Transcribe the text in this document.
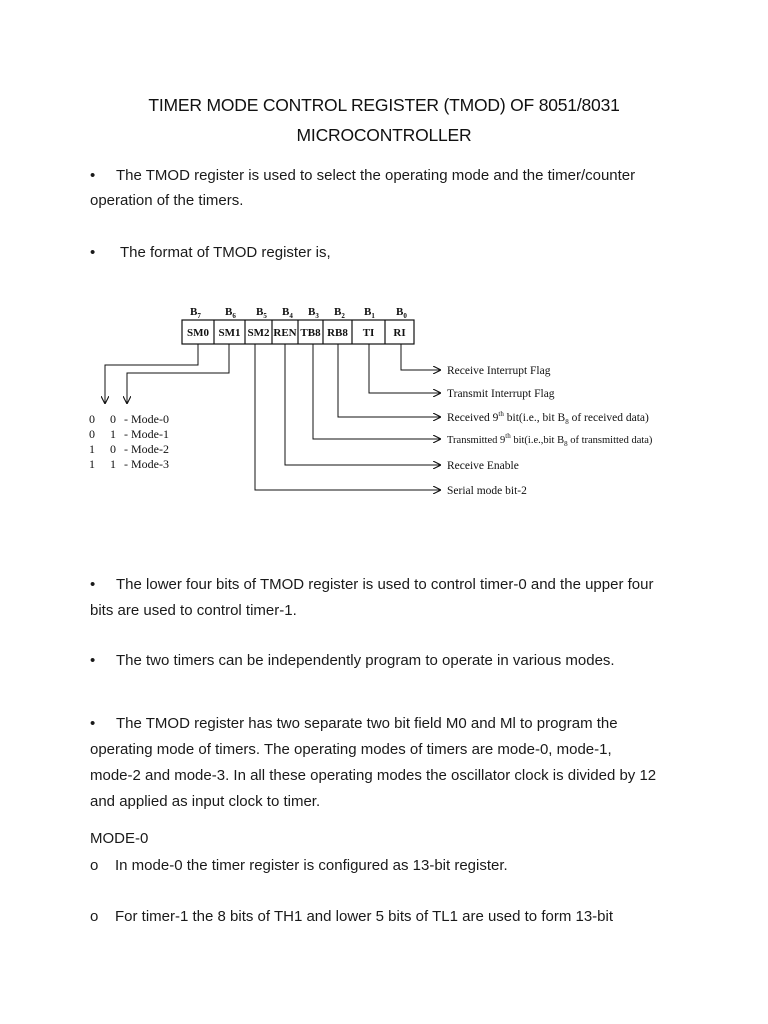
TIMER MODE CONTROL REGISTER (TMOD) OF 8051/8031
MICROCONTROLLER
• The TMOD register is used to select the operating mode and the timer/counter
operation of the timers.
• The format of TMOD register is,
$B_7$ $B_6$ $B_5$ $B_4$ $B_3$ $B_2$ $B_1$ $B_0$
SM0 SM1 SM2 REN TB8 RB8 TI RI
0 0 - Mode-0
0 1 - Mode-1
1 0 - Mode-2
1 1 - Mode-3
Receive Interrupt Flag
Transmit Interrupt Flag
Received 9th bit(i.e., bit $B_8$ of received data)
Transmitted 9th bit(i.e.,bit $B_8$ of transmitted data)
Receive Enable
Serial mode bit-2
• The lower four bits of TMOD register is used to control timer-0 and the upper four
bits are used to control timer-1.
• The two timers can be independently program to operate in various modes.
• The TMOD register has two separate two bit field M0 and Ml to program the
operating mode of timers. The operating modes of timers are mode-0, mode-1,
mode-2 and mode-3. In all these operating modes the oscillator clock is divided by 12
and applied as input clock to timer.
MODE-0
o In mode-0 the timer register is configured as 13-bit register.
o For timer-1 the 8 bits of TH1 and lower 5 bits of TL1 are used to form 13-bit
